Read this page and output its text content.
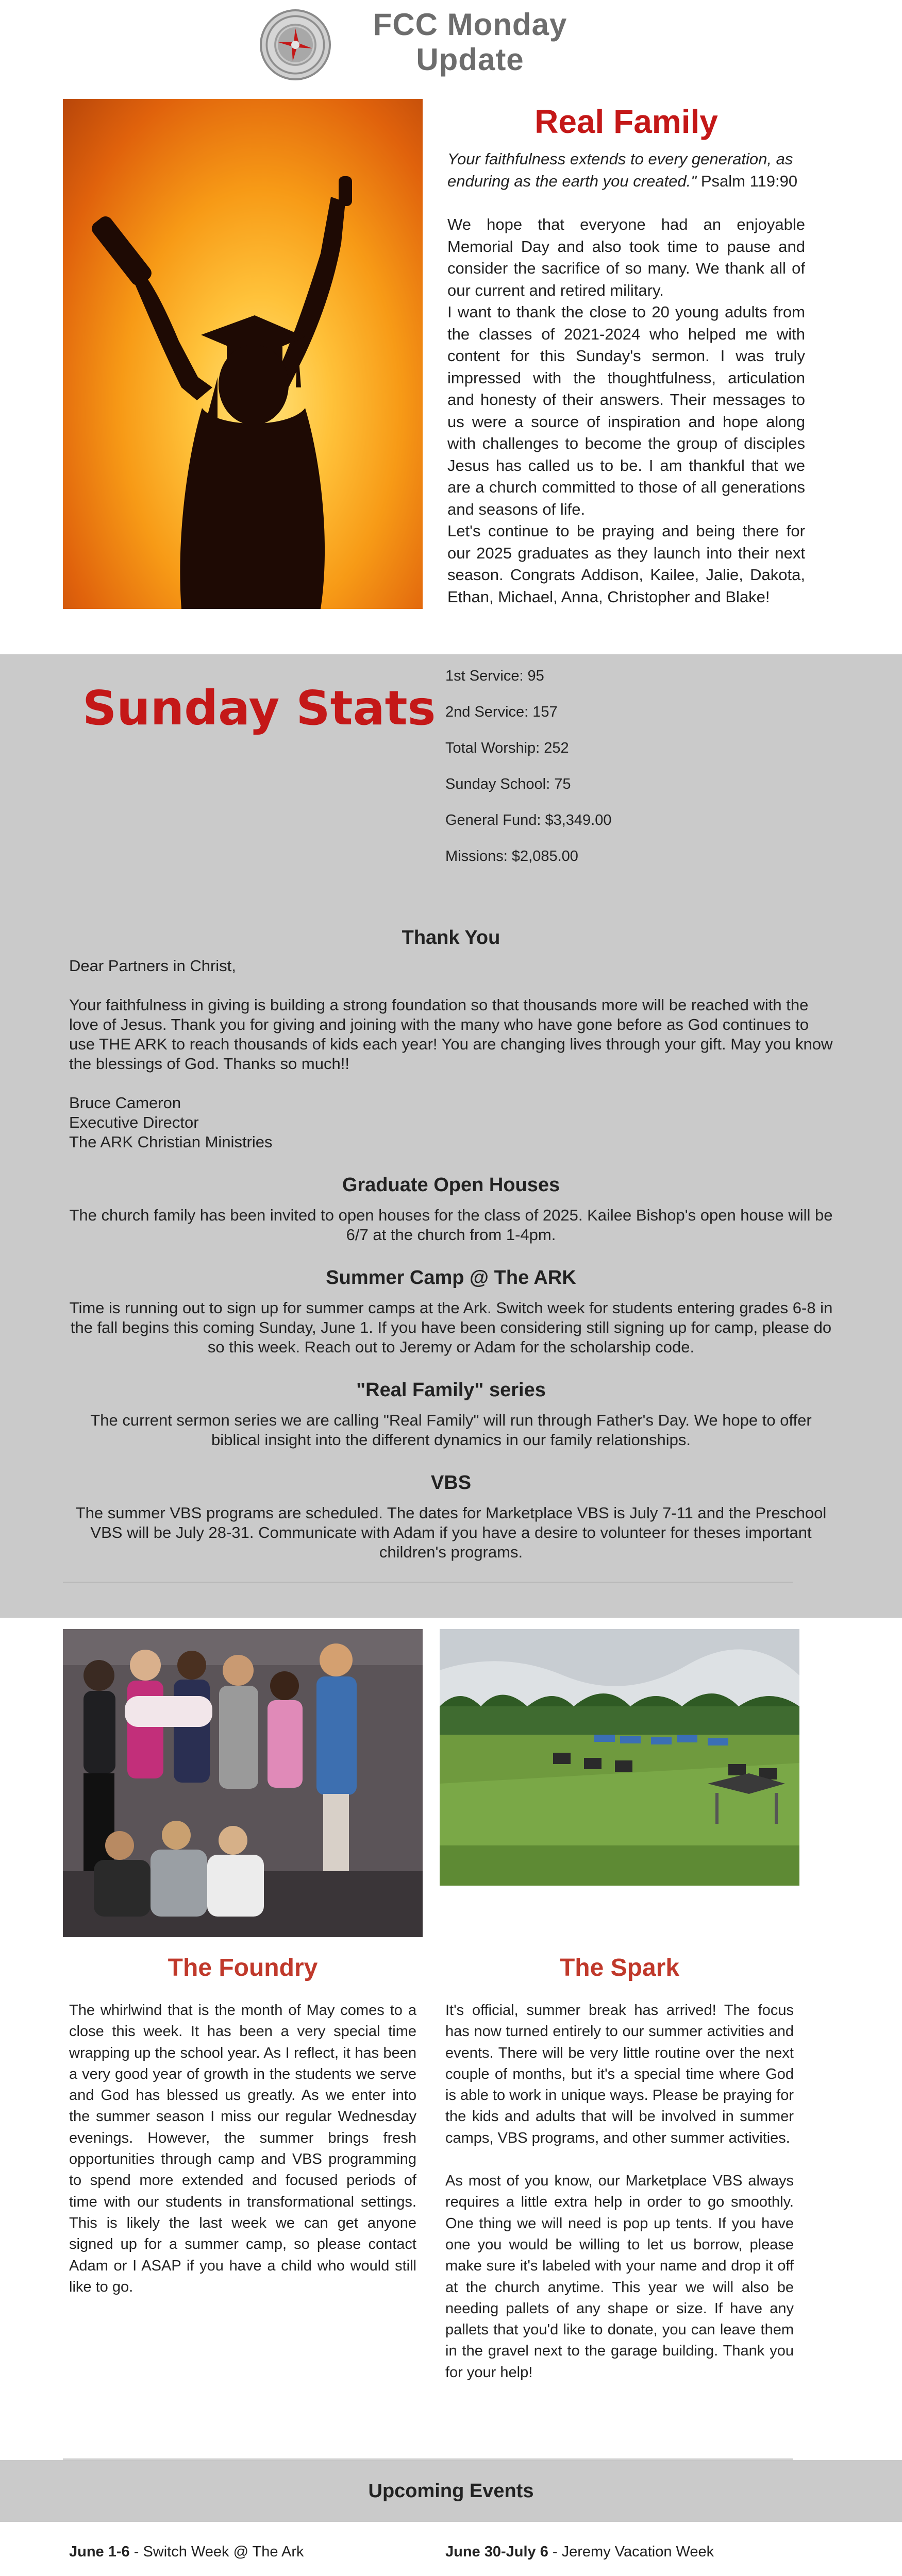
FCC Monday
Update
Real Family

Your faithfulness extends to every generation, as enduring as the earth you created." Psalm 119:90

We hope that everyone had an enjoyable Memorial Day and also took time to pause and consider the sacrifice of so many. We thank all of our current and retired military.

I want to thank the close to 20 young adults from the classes of 2021-2024 who helped me with content for this Sunday's sermon. I was truly impressed with the thoughtfulness, articulation and honesty of their answers. Their messages to us were a source of inspiration and hope along with challenges to become the group of disciples Jesus has called us to be. I am thankful that we are a church committed to those of all generations and seasons of life.

Let's continue to be praying and being there for our 2025 graduates as they launch into their next season. Congrats Addison, Kailee, Jalie, Dakota, Ethan, Michael, Anna, Christopher and Blake!

Sunday Stats
1st Service: 95
2nd Service: 157
Total Worship: 252
Sunday School: 75
General Fund: $3,349.00
Missions: $2,085.00
Thank You
Dear Partners in Christ,
Your faithfulness in giving is building a strong foundation so that thousands more will be reached with the love of Jesus. Thank you for giving and joining with the many who have gone before as God continues to use THE ARK to reach thousands of kids each year! You are changing lives through your gift. May you know the blessings of God. Thanks so much!!
Bruce Cameron
Executive Director
The ARK Christian Ministries
Graduate Open Houses
The church family has been invited to open houses for the class of 2025. Kailee Bishop's open house will be 6/7 at the church from 1-4pm.
Summer Camp @ The ARK
Time is running out to sign up for summer camps at the Ark. Switch week for students entering grades 6-8 in the fall begins this coming Sunday, June 1. If you have been considering still signing up for camp, please do so this week. Reach out to Jeremy or Adam for the scholarship code.
"Real Family" series
The current sermon series we are calling "Real Family" will run through Father's Day. We hope to offer biblical insight into the different dynamics in our family relationships.
VBS
The summer VBS programs are scheduled. The dates for Marketplace VBS is July 7-11 and the Preschool VBS will be July 28-31. Communicate with Adam if you have a desire to volunteer for theses important children's programs.
The Foundry

The whirlwind that is the month of May comes to a close this week. It has been a very special time wrapping up the school year. As I reflect, it has been a very good year of growth in the students we serve and God has blessed us greatly. As we enter into the summer season I miss our regular Wednesday evenings. However, the summer brings fresh opportunities through camp and VBS programming to spend more extended and focused periods of time with our students in transformational settings. This is likely the last week we can get anyone signed up for a summer camp, so please contact Adam or I ASAP if you have a child who would still like to go.

The Spark

It's official, summer break has arrived! The focus has now turned entirely to our summer activities and events. There will be very little routine over the next couple of months, but it's a special time where God is able to work in unique ways. Please be praying for the kids and adults that will be involved in summer camps, VBS programs, and other summer activities.

As most of you know, our Marketplace VBS always requires a little extra help in order to go smoothly. One thing we will need is pop up tents. If you have one you would be willing to let us borrow, please make sure it's labeled with your name and drop it off at the church anytime. This year we will also be needing pallets of any shape or size. If have any pallets that you'd like to donate, you can leave them in the gravel next to the garage building. Thank you for your help!

Upcoming Events
June 1-6 - Switch Week @ The Ark	June 30-July 6 - Jeremy Vacation Week
